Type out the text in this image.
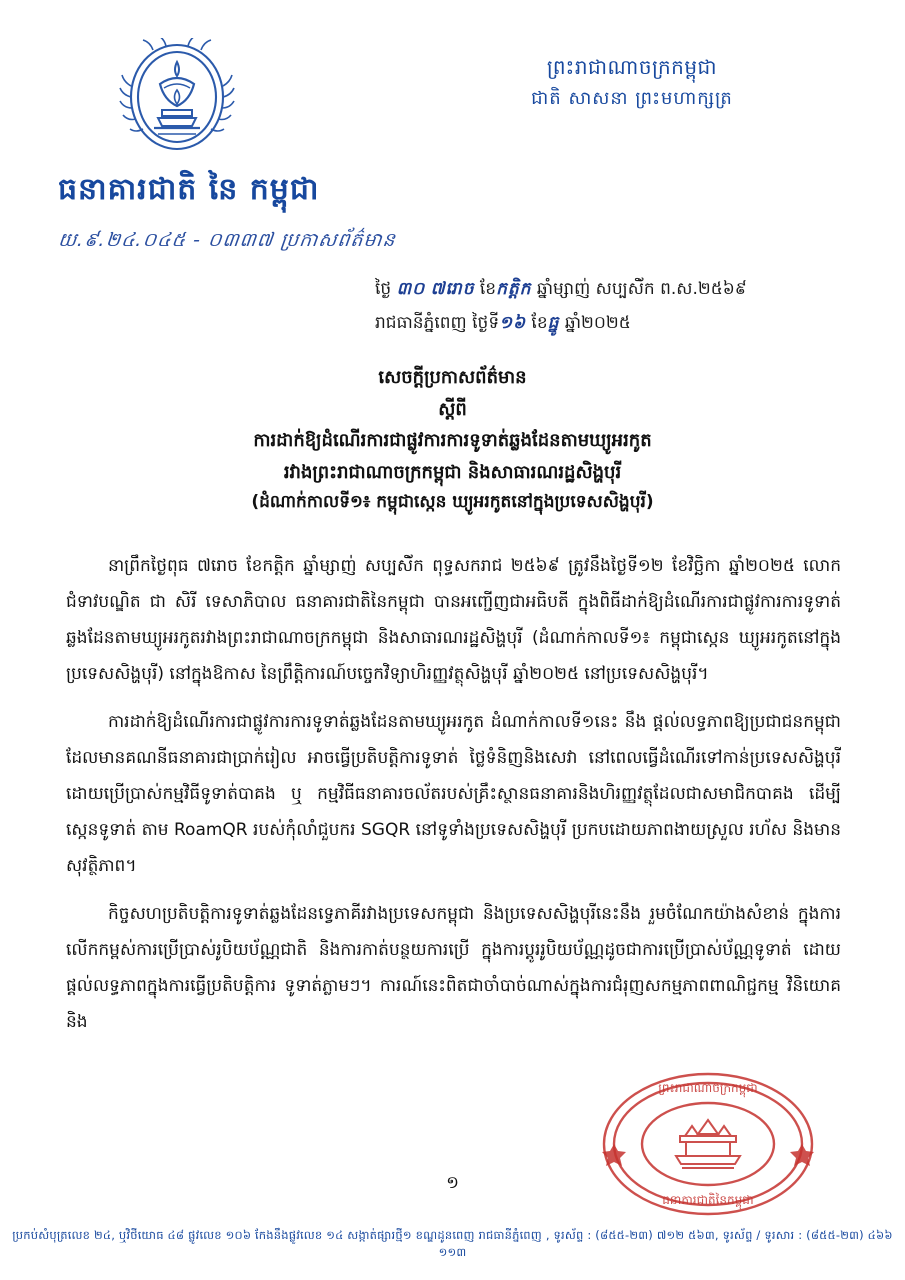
ព្រះរាជាណាចក្រកម្ពុជា
ជាតិ សាសនា ព្រះមហាក្សត្រ
ធនាគារជាតិ នៃ កម្ពុជា
យ.៩.២៤.០៤៥ - ០៣៣៧ ប្រកាសព័ត៌មាន
ថ្ងៃ ៣០ ៧រោច ខែកត្តិក ឆ្នាំម្សាញ់ សប្បសិ័ក ព.ស.២៥៦៩
រាជធានីភ្នំពេញ ថ្ងៃទី១៦ ខែធ្នូ ឆ្នាំ២០២៥
សេចក្តីប្រកាសព័ត៌មាន
ស្តីពី
ការដាក់ឱ្យដំណើរការជាផ្លូវការការទូទាត់ឆ្លងដែនតាមឃ្យូអរកូត
រវាងព្រះរាជាណាចក្រកម្ពុជា និងសាធារណរដ្ឋសិង្ហបុរី
(ដំណាក់កាលទី១៖ កម្ពុជាស្កេន ឃ្យូអរកូតនៅក្នុងប្រទេសសិង្ហបុរី)

នាព្រឹកថ្ងៃពុធ ៧រោច ខែកត្តិក ឆ្នាំម្សាញ់ សប្បសិ័ក ពុទ្ធសករាជ ២៥៦៩ ត្រូវនឹងថ្ងៃទី១២ ខែវិច្ឆិកា ឆ្នាំ២០២៥ លោកជំទាវបណ្ឌិត ជា សិរី ទេសាភិបាល ធនាគារជាតិនៃកម្ពុជា បានអញ្ជើញជាអធិបតី ក្នុងពិធីដាក់ឱ្យដំណើរការជាផ្លូវការការទូទាត់ឆ្លងដែនតាមឃ្យូអរកូតរវាងព្រះរាជាណាចក្រកម្ពុជា និងសាធារណរដ្ឋសិង្ហបុរី (ដំណាក់កាលទី១៖ កម្ពុជាស្កេន ឃ្យូអរកូតនៅក្នុងប្រទេសសិង្ហបុរី) នៅក្នុងឱកាស នៃព្រឹត្តិការណ៍បច្ចេកវិទ្យាហិរញ្ញវត្ថុសិង្ហបុរី ឆ្នាំ២០២៥ នៅប្រទេសសិង្ហបុរី។

ការដាក់ឱ្យដំណើរការជាផ្លូវការការទូទាត់ឆ្លងដែនតាមឃ្យូអរកូត ដំណាក់កាលទី១នេះ នឹង ផ្តល់លទ្ធភាពឱ្យប្រជាជនកម្ពុជាដែលមានគណនីធនាគារជាប្រាក់រៀល អាចធ្វើប្រតិបត្តិការទូទាត់ ថ្លៃទំនិញនិងសេវា នៅពេលធ្វើដំណើរទៅកាន់ប្រទេសសិង្ហបុរី ដោយប្រើប្រាស់កម្មវិធីទូទាត់បាគង ឬ កម្មវិធីធនាគារចល័តរបស់គ្រឹះស្ថានធនាគារនិងហិរញ្ញវត្ថុដែលជាសមាជិកបាគង ដើម្បីស្កេនទូទាត់ តាម RoamQR របស់កុំលាំជួបករ SGQR នៅទូទាំងប្រទេសសិង្ហបុរី ប្រកបដោយភាពងាយស្រួល រហ័ស និងមានសុវត្ថិភាព។

កិច្ចសហប្រតិបត្តិការទូទាត់ឆ្លងដែនទ្វេភាគីរវាងប្រទេសកម្ពុជា និងប្រទេសសិង្ហបុរីនេះនឹង រួមចំណែកយ៉ាងសំខាន់ ក្នុងការលើកកម្ពស់ការប្រើប្រាស់រូបិយប័ណ្ណជាតិ និងការកាត់បន្ថយការប្រើ ក្នុងការប្តូររូបិយប័ណ្ណដូចជាការប្រើប្រាស់ប័ណ្ណទូទាត់ ដោយផ្តល់លទ្ធភាពក្នុងការធ្វើប្រតិបត្តិការ ទូទាត់ភ្លាមៗ។ ការណ៍នេះពិតជាចាំបាច់ណាស់ក្នុងការជំរុញសកម្មភាពពាណិជ្ជកម្ម វិនិយោគ និង

ព្រះរាជាណាចក្រកម្ពុជា
ធនាគារជាតិនៃកម្ពុជា
១
ប្រកប់សំបុត្រលេខ ២៤, ឬវិថីយោធ ៤៨ ផ្លូវលេខ ១០៦ កែងនឹងផ្លូវលេខ ១៤ សង្កាត់ផ្សារថ្មី១ ខណ្ឌដូនពេញ រាជធានីភ្នំពេញ , ទូរស័ព្ទ : (៨៥៥-២៣) ៧១២ ៥៦៣, ទូរស័ព្ទ / ទូរសារ : (៨៥៥-២៣) ៤៦៦ ១១៣
